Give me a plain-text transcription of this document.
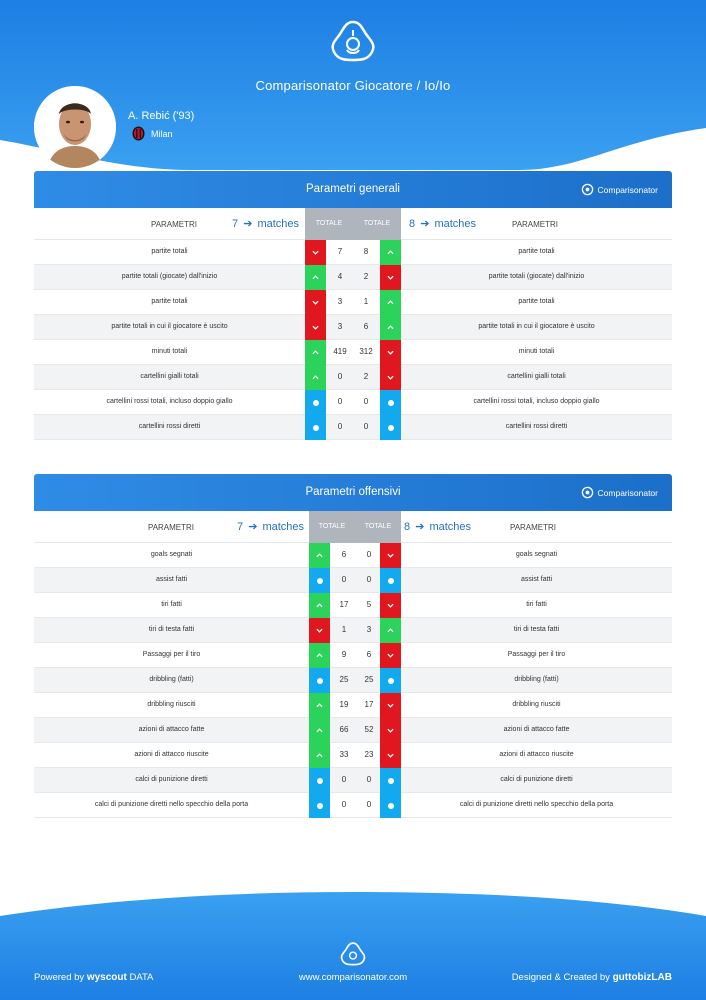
Comparisonator Giocatore / Io/Io
A. Rebić ('93)
Milan
Parametri generali	Comparisonator
PARAMETRI	7 ➔ matches	TOTALE	TOTALE	8 ➔ matches	PARAMETRI
partite totali	7	8	partite totali
partite totali (giocate) dall'inizio	4	2	partite totali (giocate) dall'inizio
partite totali	3	1	partite totali
partite totali in cui il giocatore è uscito	3	6	partite totali in cui il giocatore è uscito
minuti totali	419	312	minuti totali
cartellini gialli totali	0	2	cartellini gialli totali
cartellini rossi totali, incluso doppio giallo	0	0	cartellini rossi totali, incluso doppio giallo
cartellini rossi diretti	0	0	cartellini rossi diretti
Parametri offensivi	Comparisonator
PARAMETRI	7 ➔ matches	TOTALE	TOTALE	8 ➔ matches	PARAMETRI
goals segnati	6	0	goals segnati
assist fatti	0	0	assist fatti
tiri fatti	17	5	tiri fatti
tiri di testa fatti	1	3	tiri di testa fatti
Passaggi per il tiro	9	6	Passaggi per il tiro
dribbling (fatti)	25	25	dribbling (fatti)
dribbling riusciti	19	17	dribbling riusciti
azioni di attacco fatte	66	52	azioni di attacco fatte
azioni di attacco riuscite	33	23	azioni di attacco riuscite
calci di punizione diretti	0	0	calci di punizione diretti
calci di punizione diretti nello specchio della porta	0	0	calci di punizione diretti nello specchio della porta
Powered by wyscout DATA	www.comparisonator.com	Designed & Created by guttobizLAB
